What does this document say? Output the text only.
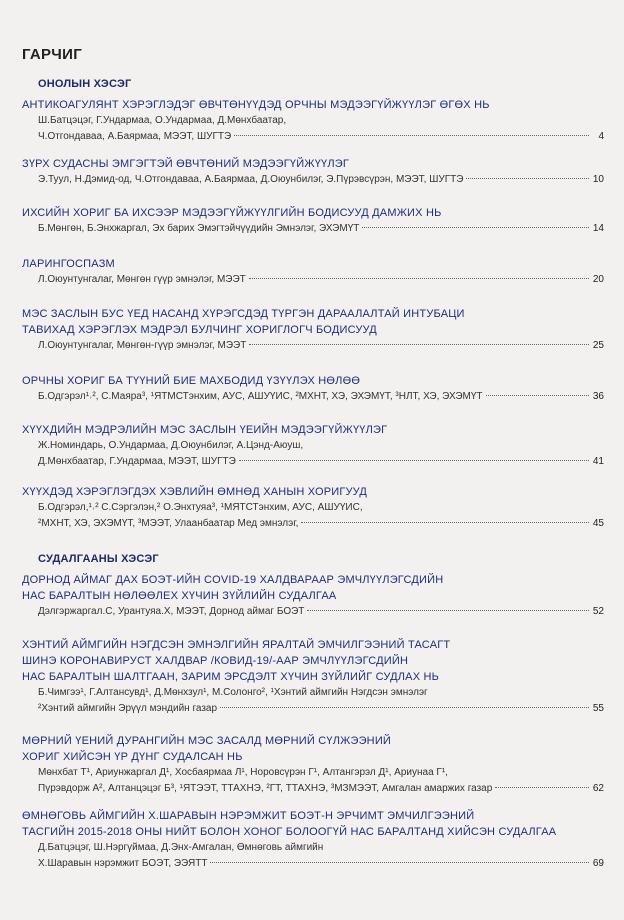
ГАРЧИГ
ОНОЛЫН ХЭСЭГ
АНТИКОАГУЛЯНТ ХЭРЭГЛЭДЭГ ӨВЧТӨНҮҮДЭД ОРЧНЫ МЭДЭЭГҮЙЖҮҮЛЭГ ӨГӨХ НЬ
Ш.Батцэцэг, Г.Ундармаа, О.Ундармаа, Д.Мөнхбаатар,
Ч.Отгондаваа, А.Баярмаа, МЭЭТ, ШУГТЭ	4
ЗҮРХ СУДАСНЫ ЭМГЭГТЭЙ ӨВЧТӨНИЙ МЭДЭЭГҮЙЖҮҮЛЭГ
Э.Туул, Н.Дэмид-од, Ч.Отгондаваа, А.Баярмаа, Д.Оюунбилэг, Э.Пүрэвсүрэн, МЭЭТ, ШУГТЭ	10
ИХСИЙН ХОРИГ БА ИХСЭЭР МЭДЭЭГҮЙЖҮҮЛГИЙН БОДИСУУД ДАМЖИХ НЬ
Б.Мөнгөн, Б.Энхжаргал, Эх барих Эмэгтэйчүүдийн Эмнэлэг, ЭХЭМҮТ	14
ЛАРИНГОСПАЗМ
Л.Оюунтунгалаг, Мөнгөн гүүр эмнэлэг, МЭЭТ	20
МЭС ЗАСЛЫН БУС ҮЕД НАСАНД ХҮРЭГСДЭД ТҮРГЭН ДАРААЛАЛТАЙ ИНТУБАЦИ
ТАВИХАД ХЭРЭГЛЭХ МЭДРЭЛ БУЛЧИНГ ХОРИГЛОГЧ БОДИСУУД
Л.Оюунтунгалаг, Мөнгөн-гүүр эмнэлэг, МЭЭТ	25
ОРЧНЫ ХОРИГ БА ТҮҮНИЙ БИЕ МАХБОДИД ҮЗҮҮЛЭХ НӨЛӨӨ
Б.Одгэрэл¹˒², С.Маяра³, ¹ЯТМСТэнхим, АУС, АШУҮИС, ²МХНТ, ХЭ, ЭХЭМҮТ, ³НЛТ, ХЭ, ЭХЭМҮТ	36
ХҮҮХДИЙН МЭДРЭЛИЙН МЭС ЗАСЛЫН ҮЕИЙН МЭДЭЭГҮЙЖҮҮЛЭГ
Ж.Номиндарь, О.Ундармаа, Д.Оюунбилэг, А.Цэнд-Аюуш,
Д.Мөнхбаатар, Г.Ундармаа, МЭЭТ, ШУГТЭ	41
ХҮҮХДЭД ХЭРЭГЛЭГДЭХ ХЭВЛИЙН ӨМНӨД ХАНЫН ХОРИГУУД
Б.Одгэрэл,¹˒² С.Сэргэлэн,² О.Энхтуяа³, ¹МЯТСТэнхим, АУС, АШУҮИС,
²МХНТ, ХЭ, ЭХЭМҮТ, ³МЭЭТ, Улаанбаатар Мед эмнэлэг,	45
СУДАЛГААНЫ ХЭСЭГ
ДОРНОД АЙМАГ ДАХ БОЭТ-ИЙН COVID-19 ХАЛДВАРААР ЭМЧЛҮҮЛЭГСДИЙН
НАС БАРАЛТЫН НӨЛӨӨЛЕХ ХҮЧИН ЗҮЙЛИЙН СУДАЛГАА
Дэлгэржаргал.С, Урантуяа.Х, МЭЭТ, Дорнод аймаг БОЭТ	52
ХЭНТИЙ АЙМГИЙН НЭГДСЭН ЭМНЭЛГИЙН ЯРАЛТАЙ ЭМЧИЛГЭЭНИЙ ТАСАГТ
ШИНЭ КОРОНАВИРУСТ ХАЛДВАР /КОВИД-19/-ААР ЭМЧЛҮҮЛЭГСДИЙН
НАС БАРАЛТЫН ШАЛТГААН, ЗАРИМ ЭРСДЭЛТ ХҮЧИН ЗҮЙЛИЙГ СУДЛАХ НЬ
Б.Чимгээ¹, Г.Алтансувд¹, Д.Мөнхзул¹, М.Солонго², ¹Хэнтий аймгийн Нэгдсэн эмнэлэг
²Хэнтий аймгийн Эрүүл мэндийн газар	55
МӨРНИЙ ҮЕНИЙ ДУРАНГИЙН МЭС ЗАСАЛД МӨРНИЙ СҮЛЖЭЭНИЙ
ХОРИГ ХИЙСЭН ҮР ДҮНГ СУДАЛСАН НЬ
Мөнхбат Т¹, Ариунжаргал Д¹, Хосбаярмаа Л¹, Норовсүрэн Г¹, Алтангэрэл Д¹, Ариунаа Г¹,
Пүрэвдорж А², Алтанцэцэг Б³, ¹ЯТЭЭТ, ТТАХНЭ, ²ГТ, ТТАХНЭ, ³МЗМЭЭТ, Амгалан амаржих газар	62
ӨМНӨГОВЬ АЙМГИЙН Х.ШАРАВЫН НЭРЭМЖИТ БОЭТ-Н ЭРЧИМТ ЭМЧИЛГЭЭНИЙ
ТАСГИЙН 2015-2018 ОНЫ НИЙТ БОЛОН ХОНОГ БОЛООГҮЙ НАС БАРАЛТАНД ХИЙСЭН СУДАЛГАА
Д.Батцэцэг, Ш.Нэргүймаа, Д.Энх-Амгалан, Өмнөговь аймгийн
Х.Шаравын нэрэмжит БОЭТ, ЭЭЯТТ	69
